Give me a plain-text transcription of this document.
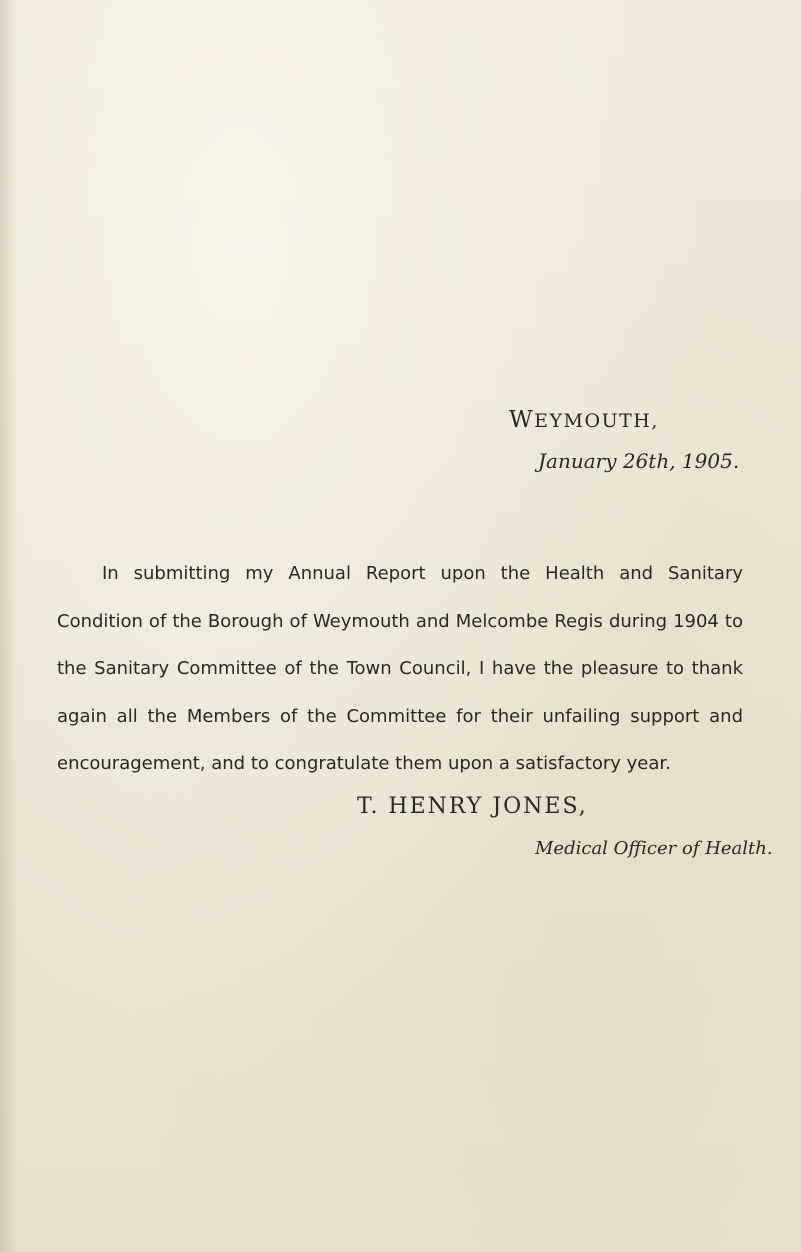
WEYMOUTH,
January 26th, 1905.

In submitting my Annual Report upon the Health and Sanitary Condition of the Borough of Weymouth and Melcombe Regis during 1904 to the Sanitary Committee of the Town Council, I have the pleasure to thank again all the Members of the Committee for their unfailing support and encouragement, and to congratulate them upon a satisfactory year.

T. HENRY JONES,
Medical Officer of Health.
